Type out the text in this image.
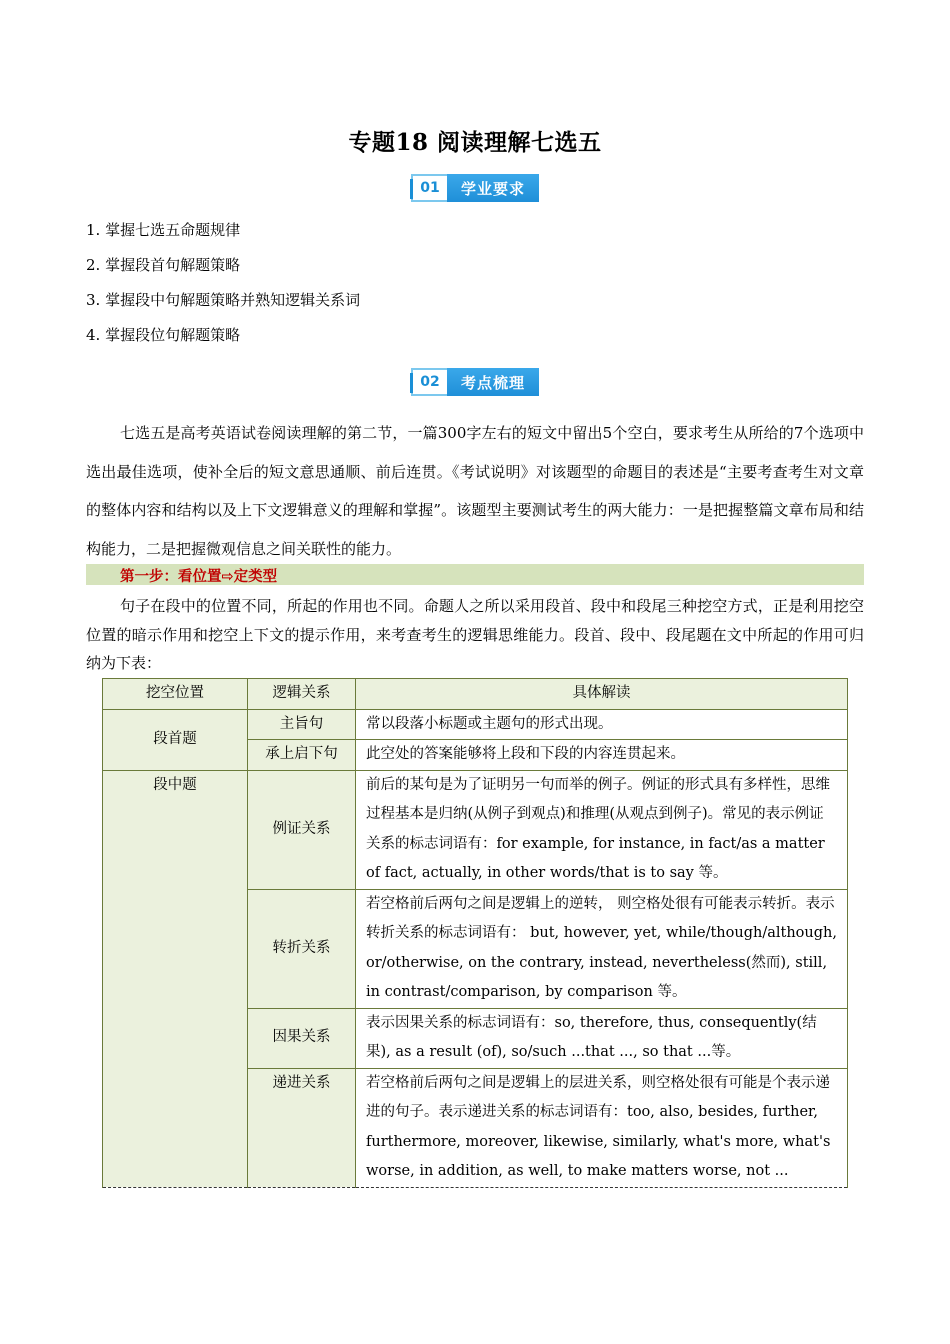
专题18 阅读理解七选五
01	学业要求
1. 掌握七选五命题规律
2. 掌握段首句解题策略
3. 掌握段中句解题策略并熟知逻辑关系词
4. 掌握段位句解题策略
02	考点梳理
七选五是高考英语试卷阅读理解的第二节，一篇300字左右的短文中留出5个空白，要求考生从所给的7个选项中选出最佳选项，使补全后的短文意思通顺、前后连贯。《考试说明》对该题型的命题目的表述是“主要考查考生对文章的整体内容和结构以及上下文逻辑意义的理解和掌握”。该题型主要测试考生的两大能力：一是把握整篇文章布局和结构能力，二是把握微观信息之间关联性的能力。
第一步：看位置⇨定类型
句子在段中的位置不同，所起的作用也不同。命题人之所以采用段首、段中和段尾三种挖空方式，正是利用挖空位置的暗示作用和挖空上下文的提示作用，来考查考生的逻辑思维能力。段首、段中、段尾题在文中所起的作用可归纳为下表：
挖空位置	逻辑关系	具体解读
段首题	主旨句	常以段落小标题或主题句的形式出现。
	承上启下句	此空处的答案能够将上段和下段的内容连贯起来。
段中题	例证关系	前后的某句是为了证明另一句而举的例子。例证的形式具有多样性，思维过程基本是归纳(从例子到观点)和推理(从观点到例子)。常见的表示例证关系的标志词语有：for example, for instance, in fact/as a matter of fact, actually, in other words/that is to say 等。
	转折关系	若空格前后两句之间是逻辑上的逆转， 则空格处很有可能表示转折。表示转折关系的标志词语有： but, however, yet, while/though/although, or/otherwise, on the contrary, instead, nevertheless(然而), still, in contrast/comparison, by comparison 等。
	因果关系	表示因果关系的标志词语有：so, therefore, thus, consequently(结果), as a result (of), so/such ...that ..., so that ...等。
	递进关系	若空格前后两句之间是逻辑上的层进关系，则空格处很有可能是个表示递进的句子。表示递进关系的标志词语有：too, also, besides, further, furthermore, moreover, likewise, similarly, what's more, what's worse, in addition, as well, to make matters worse, not ...
